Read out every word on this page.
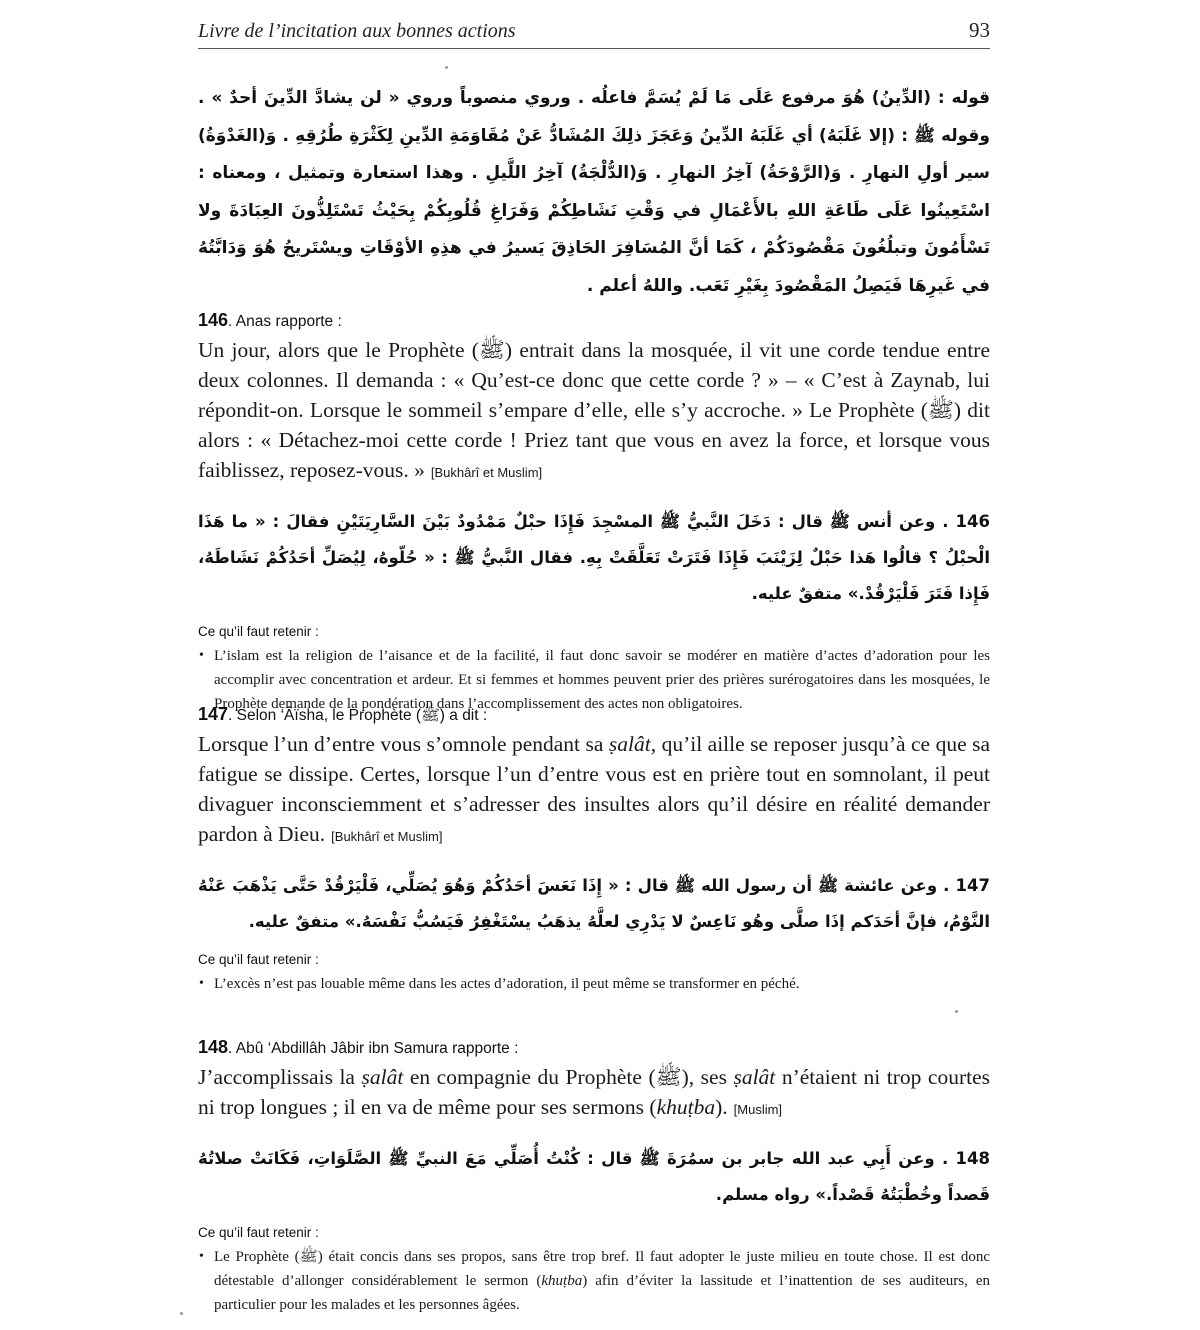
Livre de l’incitation aux bonnes actions	93
قوله : (الدِّينُ) هُوَ مرفوع عَلَى مَا لَمْ يُسَمَّ فاعلُه . وروي منصوباً وروي « لن يشادَّ الدِّينَ أحدٌ » . وقوله ﷺ : (إلا غَلَبَهُ) أي غَلَبَهُ الدِّينُ وَعَجَزَ ذلِكَ المُشَادُّ عَنْ مُقَاوَمَةِ الدِّينِ لِكَثْرَةِ طُرُقِهِ . وَ(الغَدْوَةُ) سير أولِ النهارِ . وَ(الرَّوْحَةُ) آخِرُ النهارِ . وَ(الدُّلْجَةُ) آخِرُ اللَّيلِ . وهذا استعارة وتمثيل ، ومعناه : اسْتَعِينُوا عَلَى طَاعَةِ اللهِ بالأَعْمَالِ في وَقْتِ نَشَاطِكُمْ وَفَرَاغِ قُلُوبِكُمْ بِحَيْثُ تَسْتَلِذُّونَ العِبَادَةَ ولا تَسْأَمُونَ وتبلُغُونَ مَقْصُودَكُمْ ، كَمَا أنَّ المُسَافِرَ الحَاذِقَ يَسيرُ في هذِهِ الأوْقَاتِ ويسْتَريحُ هُوَ وَدَابَّتُهُ في غَيرِهَا فَيَصِلُ المَقْصُودَ بِغَيْرِ تَعَب. واللهُ أعلم .

146. Anas rapporte :

Un jour, alors que le Prophète (ﷺ) entrait dans la mosquée, il vit une corde tendue entre deux colonnes. Il demanda : « Qu’est-ce donc que cette corde ? » – « C’est à Zaynab, lui répondit-on. Lorsque le sommeil s’empare d’elle, elle s’y accroche. » Le Prophète (ﷺ) dit alors : « Détachez-moi cette corde ! Priez tant que vous en avez la force, et lorsque vous faiblissez, reposez-vous. » [Bukhârî et Muslim]

146 . وعن أنس ﷺ قال : دَخَلَ النَّبيُّ ﷺ المسْجِدَ فَإِذَا حبْلٌ مَمْدُودٌ بَيْنَ السَّارِيَتَيْنِ فقالَ : « ما هَذَا الْحبْلُ ؟ قالُوا هَذا حَبْلٌ لِزَيْنَبَ فَإِذَا فَتَرَتْ تَعَلَّقَتْ بِهِ. فقال النَّبيُّ ﷺ : « حُلّوهُ، لِيُصَلِّ أحَدُكُمْ نَشَاطَهُ، فَإِذا فَتَرَ فَلْيَرْقُدْ.» متفقٌ عليه.
Ce qu’il faut retenir :
• L’islam est la religion de l’aisance et de la facilité, il faut donc savoir se modérer en matière d’actes d’adoration pour les accomplir avec concentration et ardeur. Et si femmes et hommes peuvent prier des prières surérogatoires dans les mosquées, le Prophète demande de la pondération dans l’accomplissement des actes non obligatoires.

147. Selon ‘Âïsha, le Prophète (ﷺ) a dit :

Lorsque l’un d’entre vous s’omnole pendant sa ṣalât, qu’il aille se reposer jusqu’à ce que sa fatigue se dissipe. Certes, lorsque l’un d’entre vous est en prière tout en somnolant, il peut divaguer inconsciemment et s’adresser des insultes alors qu’il désire en réalité demander pardon à Dieu. [Bukhârî et Muslim]

147 . وعن عائشة ﷺ أن رسول الله ﷺ قال : « إِذَا نَعَسَ أحَدُكُمْ وَهُوَ يُصَلِّي، فَلْيَرْقُدْ حَتَّى يَذْهَبَ عَنْهُ النَّوْمُ، فإنَّ أحَدَكم إذَا صلَّى وهُو نَاعِسٌ لا يَدْرِي لعلَّهُ يذهَبُ يسْتَغْفِرُ فَيَسُبُّ نَفْسَهُ.» متفقٌ عليه.
Ce qu’il faut retenir :
• L’excès n’est pas louable même dans les actes d’adoration, il peut même se transformer en péché.

148. Abû ‘Abdillâh Jâbir ibn Samura rapporte :

J’accomplissais la ṣalât en compagnie du Prophète (ﷺ), ses ṣalât n’étaient ni trop courtes ni trop longues ; il en va de même pour ses sermons (khuṭba). [Muslim]

148 . وعن أَبِي عبد الله جابر بن سمُرَةَ ﷺ قال : كُنْتُ أُصَلِّي مَعَ النبيِّ ﷺ الصَّلَوَاتِ، فَكَانَتْ صلاتُهُ قَصداً وخُطْبَتُهُ قَصْداً.» رواه مسلم.
Ce qu’il faut retenir :
• Le Prophète (ﷺ) était concis dans ses propos, sans être trop bref. Il faut adopter le juste milieu en toute chose. Il est donc détestable d’allonger considérablement le sermon (khuṭba) afin d’éviter la lassitude et l’inattention de ses auditeurs, en particulier pour les malades et les personnes âgées.
